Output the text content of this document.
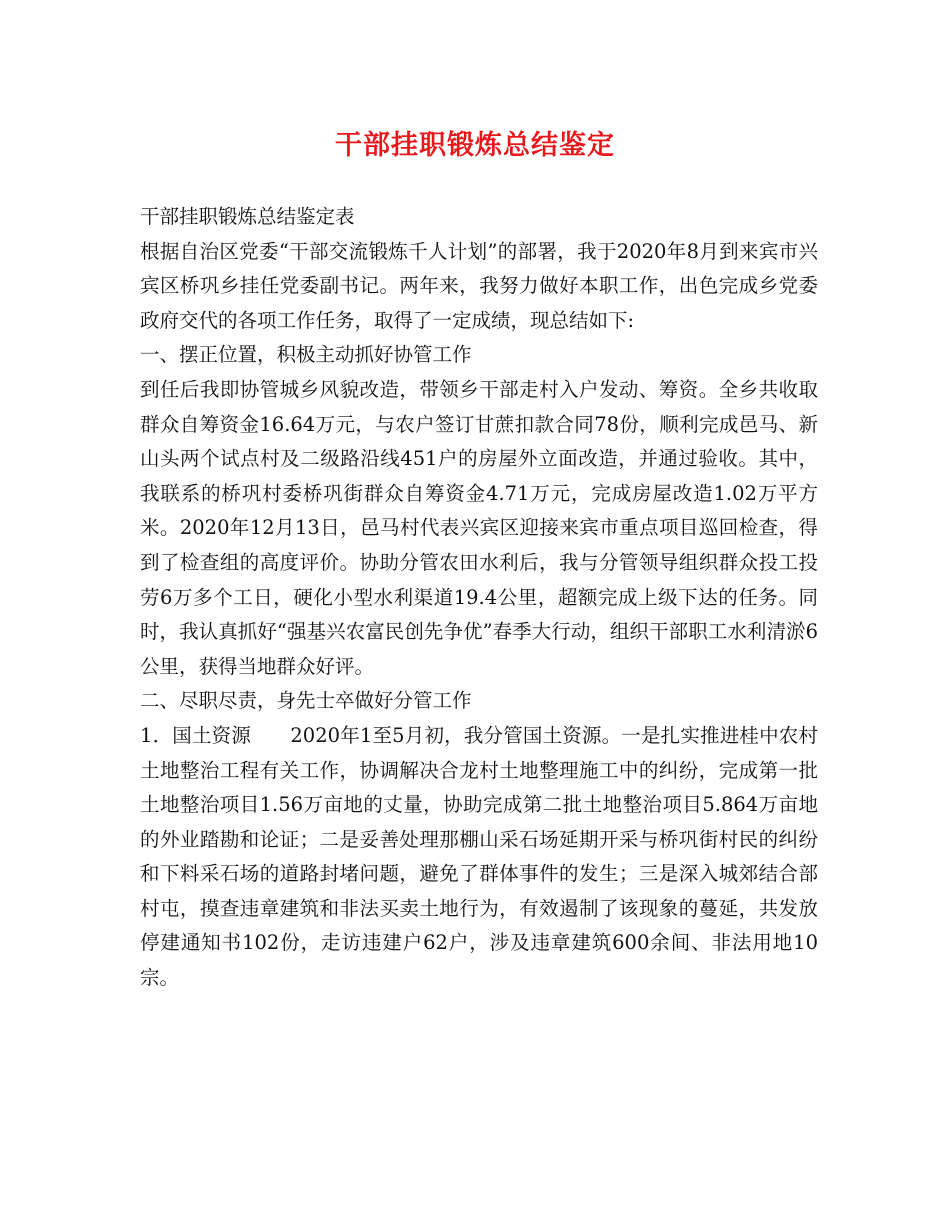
干部挂职锻炼总结鉴定

干部挂职锻炼总结鉴定表

根据自治区党委“干部交流锻炼千人计划”的部署，我于2020年8月到来宾市兴宾区桥巩乡挂任党委副书记。两年来，我努力做好本职工作，出色完成乡党委政府交代的各项工作任务，取得了一定成绩，现总结如下:

一、摆正位置，积极主动抓好协管工作

到任后我即协管城乡风貌改造，带领乡干部走村入户发动、筹资。全乡共收取群众自筹资金16.64万元，与农户签订甘蔗扣款合同78份，顺利完成邑马、新山头两个试点村及二级路沿线451户的房屋外立面改造，并通过验收。其中，我联系的桥巩村委桥巩街群众自筹资金4.71万元，完成房屋改造1.02万平方米。2020年12月13日，邑马村代表兴宾区迎接来宾市重点项目巡回检查，得到了检查组的高度评价。协助分管农田水利后，我与分管领导组织群众投工投劳6万多个工日，硬化小型水利渠道19.4公里，超额完成上级下达的任务。同时，我认真抓好“强基兴农富民创先争优”春季大行动，组织干部职工水利清淤6公里，获得当地群众好评。

二、尽职尽责，身先士卒做好分管工作

1．国土资源　　2020年1至5月初，我分管国土资源。一是扎实推进桂中农村土地整治工程有关工作，协调解决合龙村土地整理施工中的纠纷，完成第一批土地整治项目1.56万亩地的丈量，协助完成第二批土地整治项目5.864万亩地的外业踏勘和论证；二是妥善处理那棚山采石场延期开采与桥巩街村民的纠纷和下料采石场的道路封堵问题，避免了群体事件的发生；三是深入城郊结合部村屯，摸查违章建筑和非法买卖土地行为，有效遏制了该现象的蔓延，共发放停建通知书102份，走访违建户62户，涉及违章建筑600余间、非法用地10宗。
